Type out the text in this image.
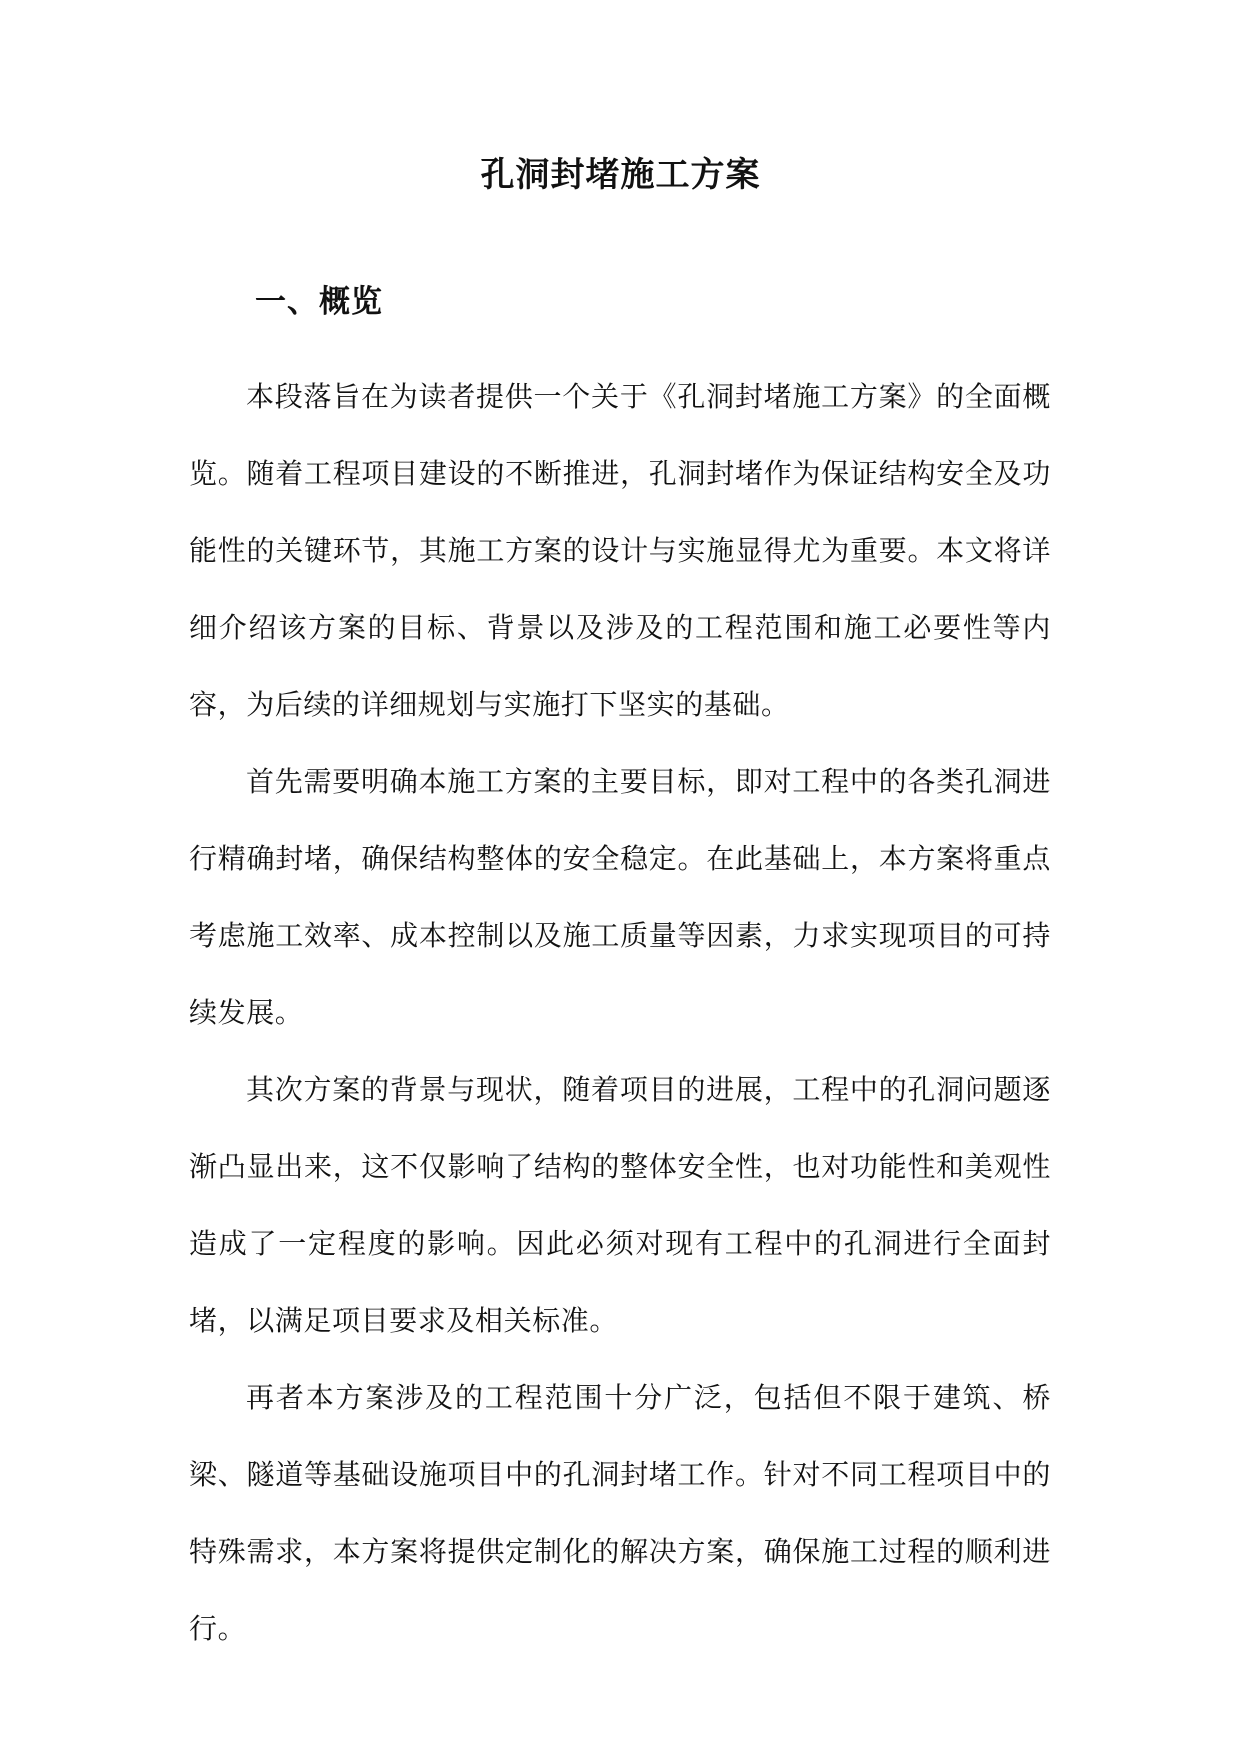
孔洞封堵施工方案
一、概览

本段落旨在为读者提供一个关于《孔洞封堵施工方案》的全面概览。随着工程项目建设的不断推进，孔洞封堵作为保证结构安全及功能性的关键环节，其施工方案的设计与实施显得尤为重要。本文将详细介绍该方案的目标、背景以及涉及的工程范围和施工必要性等内容，为后续的详细规划与实施打下坚实的基础。

首先需要明确本施工方案的主要目标，即对工程中的各类孔洞进行精确封堵，确保结构整体的安全稳定。在此基础上，本方案将重点考虑施工效率、成本控制以及施工质量等因素，力求实现项目的可持续发展。

其次方案的背景与现状，随着项目的进展，工程中的孔洞问题逐渐凸显出来，这不仅影响了结构的整体安全性，也对功能性和美观性造成了一定程度的影响。因此必须对现有工程中的孔洞进行全面封堵，以满足项目要求及相关标准。

再者本方案涉及的工程范围十分广泛，包括但不限于建筑、桥梁、隧道等基础设施项目中的孔洞封堵工作。针对不同工程项目中的特殊需求，本方案将提供定制化的解决方案，确保施工过程的顺利进行。
